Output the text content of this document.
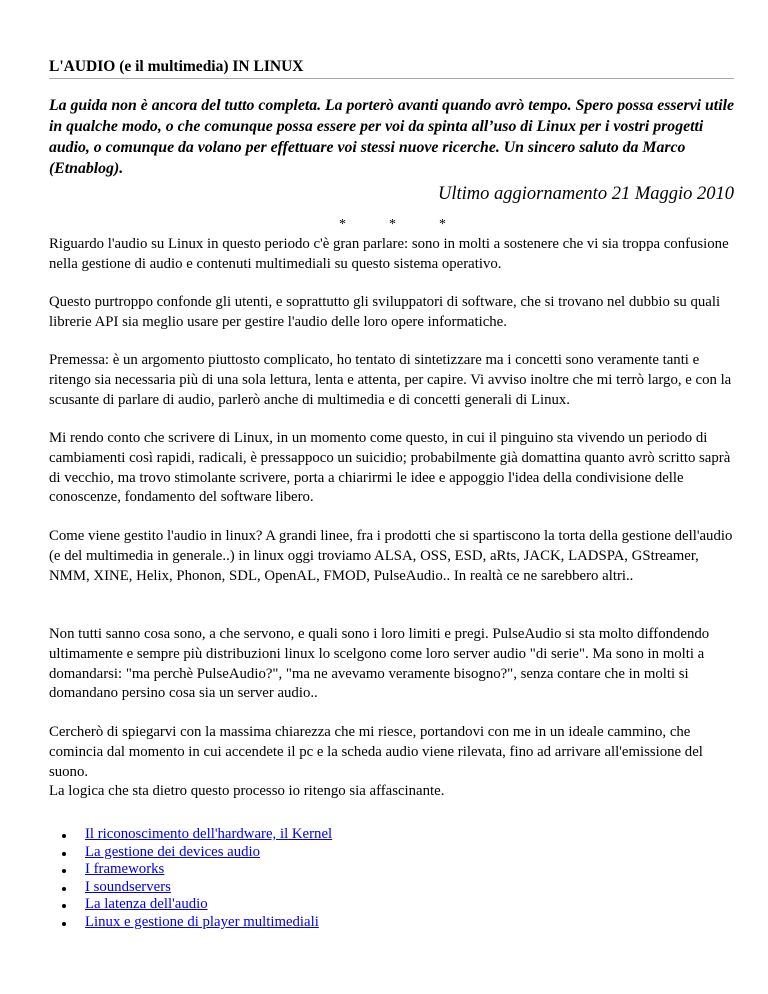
L'AUDIO (e il multimedia) IN LINUX
La guida non è ancora del tutto completa. La porterò avanti quando avrò tempo. Spero possa esservi utile in qualche modo, o che comunque possa essere per voi da spinta all’uso di Linux per i vostri progetti audio, o comunque da volano per effettuare voi stessi nuove ricerche. Un sincero saluto da Marco (Etnablog).
Ultimo aggiornamento 21 Maggio 2010
*	*	*

Riguardo l'audio su Linux in questo periodo c'è gran parlare: sono in molti a sostenere che vi sia troppa confusione nella gestione di audio e contenuti multimediali su questo sistema operativo.

Questo purtroppo confonde gli utenti, e soprattutto gli sviluppatori di software, che si trovano nel dubbio su quali librerie API sia meglio usare per gestire l'audio delle loro opere informatiche.

Premessa: è un argomento piuttosto complicato, ho tentato di sintetizzare ma i concetti sono veramente tanti e ritengo sia necessaria più di una sola lettura, lenta e attenta, per capire. Vi avviso inoltre che mi terrò largo, e con la scusante di parlare di audio, parlerò anche di multimedia e di concetti generali di Linux.

Mi rendo conto che scrivere di Linux, in un momento come questo, in cui il pinguino sta vivendo un periodo di cambiamenti così rapidi, radicali, è pressappoco un suicidio; probabilmente già domattina quanto avrò scritto saprà di vecchio, ma trovo stimolante scrivere, porta a chiarirmi le idee e appoggio l'idea della condivisione delle conoscenze, fondamento del software libero.

Come viene gestito l'audio in linux? A grandi linee, fra i prodotti che si spartiscono la torta della gestione dell'audio (e del multimedia in generale..) in linux oggi troviamo ALSA, OSS, ESD, aRts, JACK, LADSPA, GStreamer, NMM, XINE, Helix, Phonon, SDL, OpenAL, FMOD, PulseAudio.. In realtà ce ne sarebbero altri..

Non tutti sanno cosa sono, a che servono, e quali sono i loro limiti e pregi. PulseAudio si sta molto diffondendo ultimamente e sempre più distribuzioni linux lo scelgono come loro server audio "di serie". Ma sono in molti a domandarsi: "ma perchè PulseAudio?", "ma ne avevamo veramente bisogno?", senza contare che in molti si domandano persino cosa sia un server audio..

Cercherò di spiegarvi con la massima chiarezza che mi riesce, portandovi con me in un ideale cammino, che comincia dal momento in cui accendete il pc e la scheda audio viene rilevata, fino ad arrivare all'emissione del suono.

La logica che sta dietro questo processo io ritengo sia affascinante.

Il riconoscimento dell'hardware, il Kernel
La gestione dei devices audio
I frameworks
I soundservers
La latenza dell'audio
Linux e gestione di player multimediali
